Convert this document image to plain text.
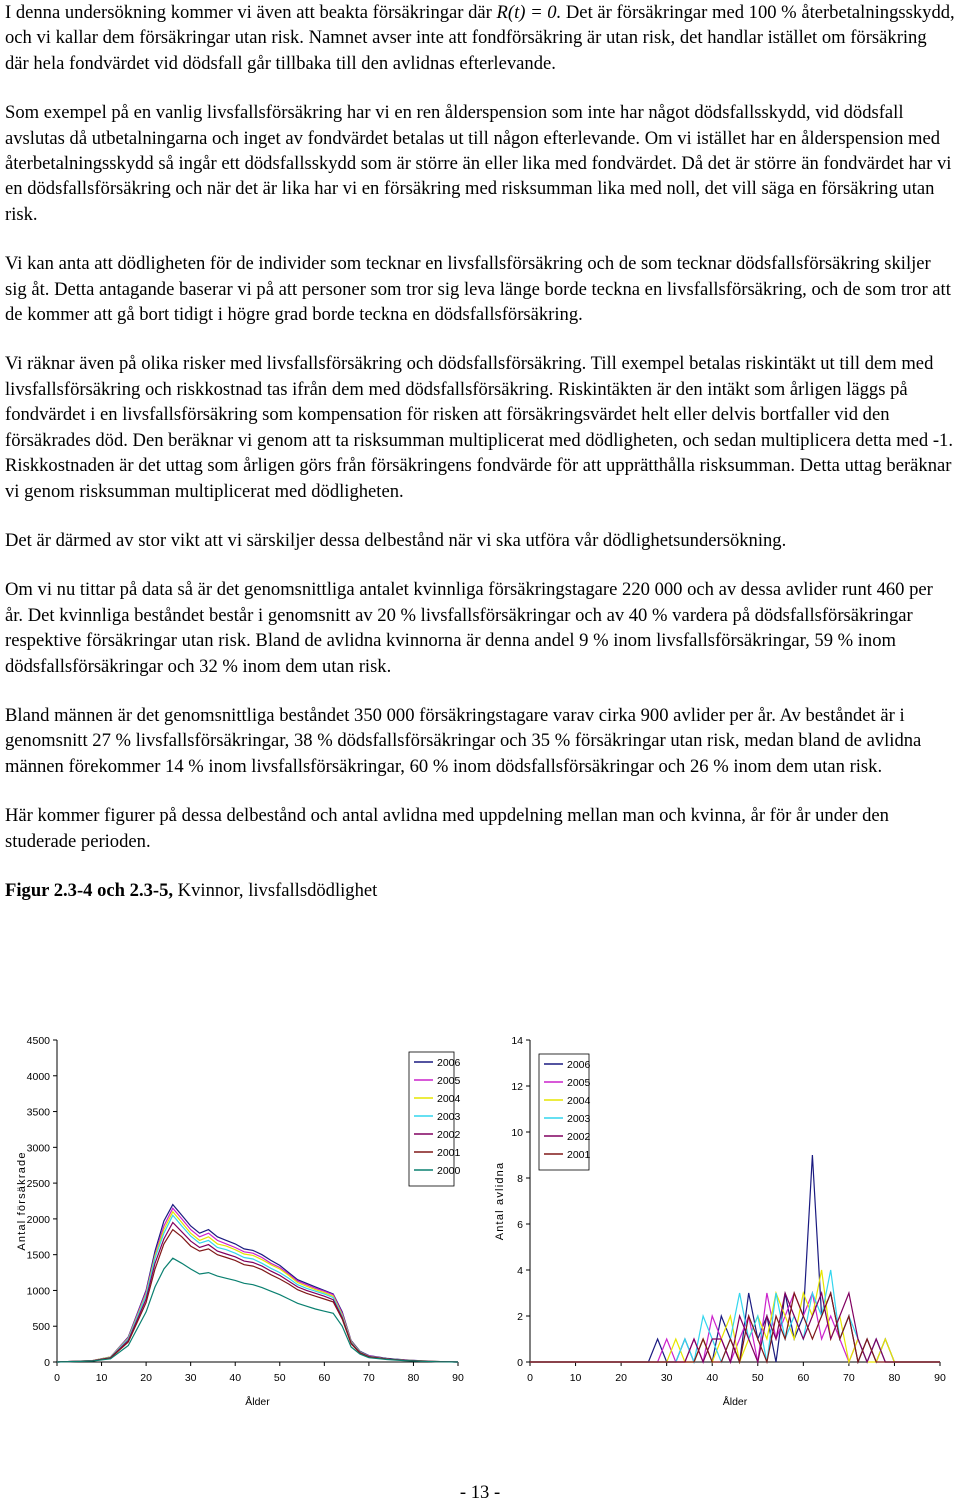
I denna undersökning kommer vi även att beakta försäkringar där R(t) = 0. Det är försäkringar med 100 % återbetalningsskydd, och vi kallar dem försäkringar utan risk. Namnet avser inte att fondförsäkring är utan risk, det handlar istället om försäkring där hela fondvärdet vid dödsfall går tillbaka till den avlidnas efterlevande.

Som exempel på en vanlig livsfallsförsäkring har vi en ren ålderspension som inte har något dödsfallsskydd, vid dödsfall avslutas då utbetalningarna och inget av fondvärdet betalas ut till någon efterlevande. Om vi istället har en ålderspension med återbetalningsskydd så ingår ett dödsfallsskydd som är större än eller lika med fondvärdet. Då det är större än fondvärdet har vi en dödsfallsförsäkring och när det är lika har vi en försäkring med risksumman lika med noll, det vill säga en försäkring utan risk.

Vi kan anta att dödligheten för de individer som tecknar en livsfallsförsäkring och de som tecknar dödsfallsförsäkring skiljer sig åt. Detta antagande baserar vi på att personer som tror sig leva länge borde teckna en livsfallsförsäkring, och de som tror att de kommer att gå bort tidigt i högre grad borde teckna en dödsfallsförsäkring.

Vi räknar även på olika risker med livsfallsförsäkring och dödsfallsförsäkring. Till exempel betalas riskintäkt ut till dem med livsfallsförsäkring och riskkostnad tas ifrån dem med dödsfallsförsäkring. Riskintäkten är den intäkt som årligen läggs på fondvärdet i en livsfallsförsäkring som kompensation för risken att försäkringsvärdet helt eller delvis bortfaller vid den försäkrades död. Den beräknar vi genom att ta risksumman multiplicerat med dödligheten, och sedan multiplicera detta med -1. Riskkostnaden är det uttag som årligen görs från försäkringens fondvärde för att upprätthålla risksumman. Detta uttag beräknar vi genom risksumman multiplicerat med dödligheten.

Det är därmed av stor vikt att vi särskiljer dessa delbestånd när vi ska utföra vår dödlighetsundersökning.

Om vi nu tittar på data så är det genomsnittliga antalet kvinnliga försäkringstagare 220 000 och av dessa avlider runt 460 per år. Det kvinnliga beståndet består i genomsnitt av 20 % livsfallsförsäkringar och av 40 % vardera på dödsfallsförsäkringar respektive försäkringar utan risk. Bland de avlidna kvinnorna är denna andel 9 % inom livsfallsförsäkringar, 59 % inom dödsfallsförsäkringar och 32 % inom dem utan risk.

Bland männen är det genomsnittliga beståndet 350 000 försäkringstagare varav cirka 900 avlider per år. Av beståndet är i genomsnitt 27 % livsfallsförsäkringar, 38 % dödsfallsförsäkringar och 35 % försäkringar utan risk, medan bland de avlidna männen förekommer 14 % inom livsfallsförsäkringar, 60 % inom dödsfallsförsäkringar och 26 % inom dem utan risk.

Här kommer figurer på dessa delbestånd och antal avlidna med uppdelning mellan man och kvinna, år för år under den studerade perioden.

Figur 2.3-4 och 2.3-5, Kvinnor, livsfallsdödlighet
0
500
1000
1500
2000
2500
3000
3500
4000
4500
0	10	20	30	40	50	60	70	80	90
Ålder
Antal försäkrade
2006
2005
2004
2003
2002
2001
2000
0
2
4
6
8
10
12
14
0	10	20	30	40	50	60	70	80	90
Ålder
Antal avlidna
2006
2005
2004
2003
2002
2001
- 13 -
